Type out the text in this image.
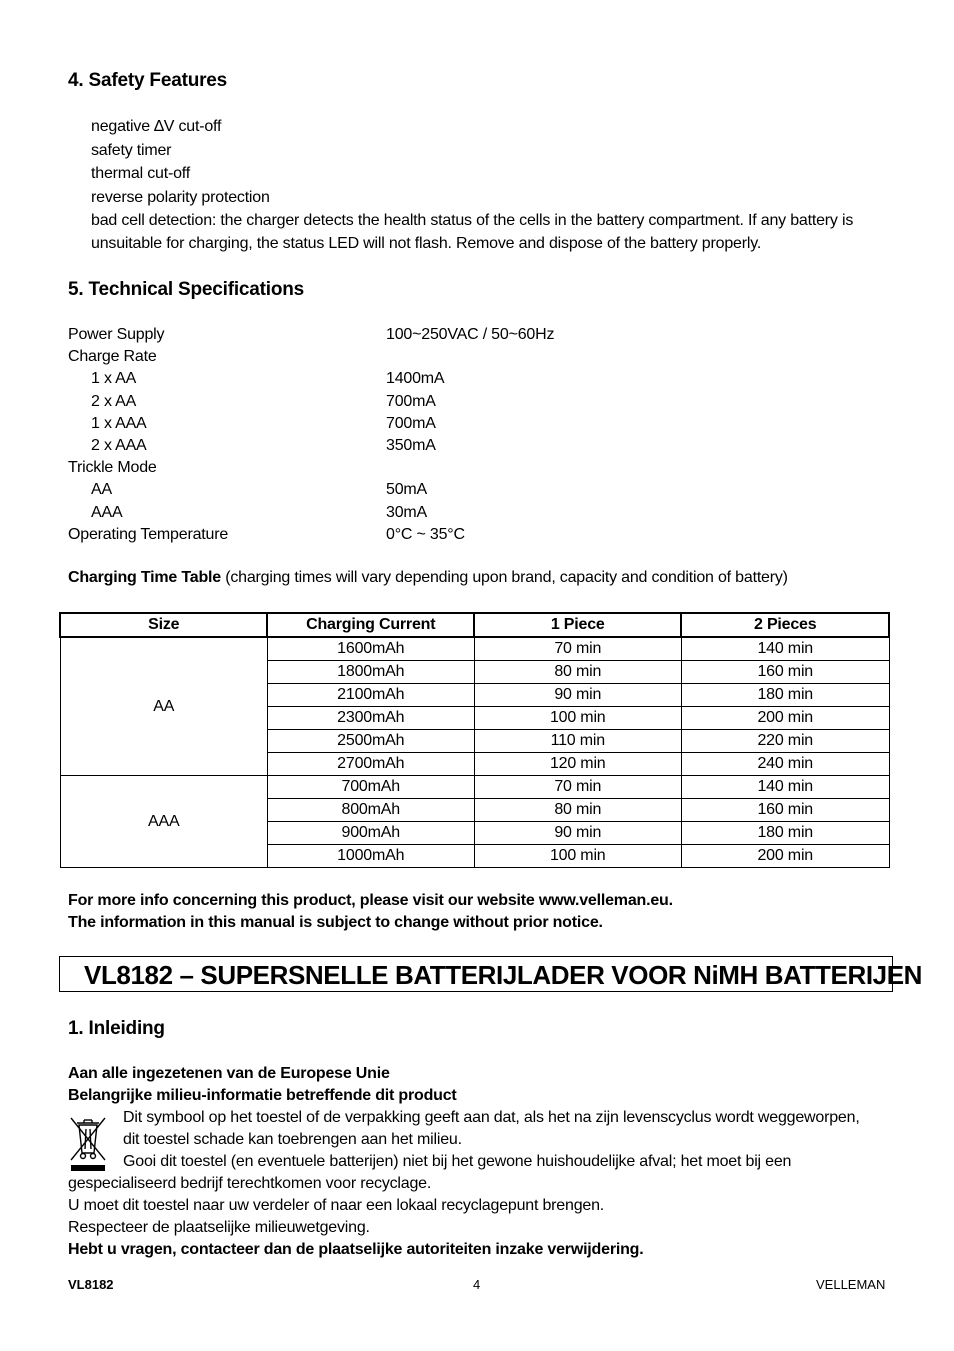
4. Safety Features
negative ∆V cut-off
safety timer
thermal cut-off
reverse polarity protection
bad cell detection: the charger detects the health status of the cells in the battery compartment. If any battery is
unsuitable for charging, the status LED will not flash. Remove and dispose of the battery properly.
5. Technical Specifications
Power Supply	100~250VAC / 50~60Hz
Charge Rate
1 x AA	1400mA
2 x AA	700mA
1 x AAA	700mA
2 x AAA	350mA
Trickle Mode
AA	50mA
AAA	30mA
Operating Temperature	0°C ~ 35°C
Charging Time Table (charging times will vary depending upon brand, capacity and condition of battery)
Size	Charging Current	1 Piece	2 Pieces
AA	1600mAh	70 min	140 min
	1800mAh	80 min	160 min
	2100mAh	90 min	180 min
	2300mAh	100 min	200 min
	2500mAh	110 min	220 min
	2700mAh	120 min	240 min
AAA	700mAh	70 min	140 min
	800mAh	80 min	160 min
	900mAh	90 min	180 min
	1000mAh	100 min	200 min
For more info concerning this product, please visit our website www.velleman.eu.
The information in this manual is subject to change without prior notice.
VL8182 – SUPERSNELLE BATTERIJLADER VOOR NiMH BATTERIJEN
1. Inleiding
Aan alle ingezetenen van de Europese Unie
Belangrijke milieu-informatie betreffende dit product
Dit symbool op het toestel of de verpakking geeft aan dat, als het na zijn levenscyclus wordt weggeworpen,
dit toestel schade kan toebrengen aan het milieu.
Gooi dit toestel (en eventuele batterijen) niet bij het gewone huishoudelijke afval; het moet bij een
gespecialiseerd bedrijf terechtkomen voor recyclage.
U moet dit toestel naar uw verdeler of naar een lokaal recyclagepunt brengen.
Respecteer de plaatselijke milieuwetgeving.
Hebt u vragen, contacteer dan de plaatselijke autoriteiten inzake verwijdering.
VL8182	4	VELLEMAN
